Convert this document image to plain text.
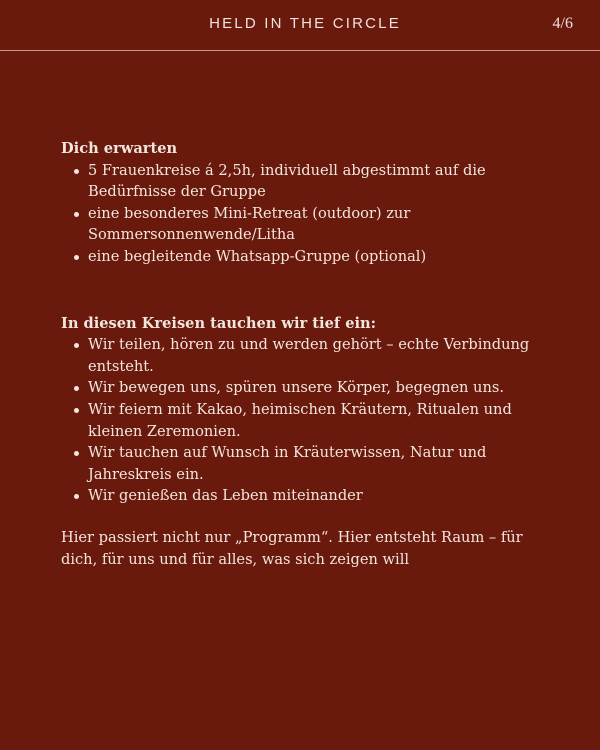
HELD IN THE CIRCLE	4/6

Dich erwarten

5 Frauenkreise á 2,5h, individuell abgestimmt auf die Bedürfnisse der Gruppe
eine besonderes Mini-Retreat (outdoor) zur Sommersonnenwende/Litha
eine begleitende Whatsapp-Gruppe (optional)

In diesen Kreisen tauchen wir tief ein:

Wir teilen, hören zu und werden gehört – echte Verbindung entsteht.
Wir bewegen uns, spüren unsere Körper, begegnen uns.
Wir feiern mit Kakao, heimischen Kräutern, Ritualen und kleinen Zeremonien.
Wir tauchen auf Wunsch in Kräuterwissen, Natur und Jahreskreis ein.
Wir genießen das Leben miteinander

Hier passiert nicht nur „Programm“. Hier entsteht Raum – für dich, für uns und für alles, was sich zeigen will
